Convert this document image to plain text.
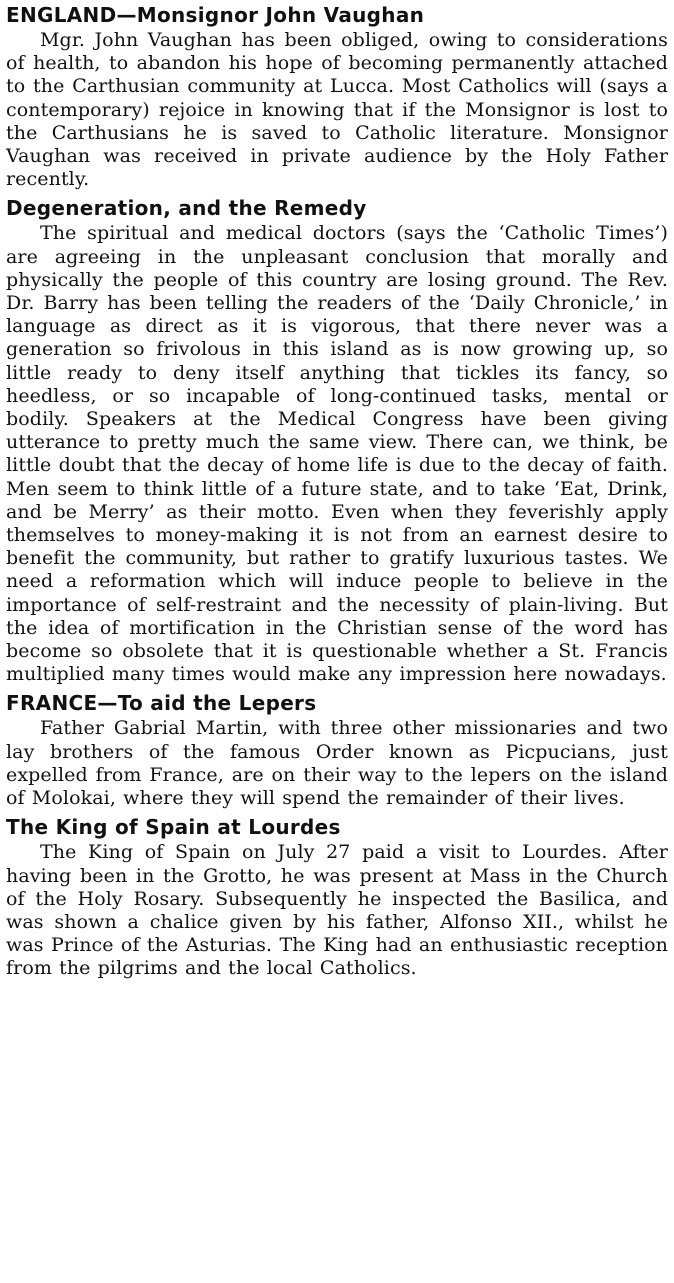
ENGLAND—Monsignor John Vaughan

Mgr. John Vaughan has been obliged, owing to considerations of health, to abandon his hope of becoming permanently attached to the Carthusian community at Lucca. Most Catholics will (says a contemporary) rejoice in knowing that if the Monsignor is lost to the Carthusians he is saved to Catholic literature. Monsignor Vaughan was received in private audience by the Holy Father recently.

Degeneration, and the Remedy

The spiritual and medical doctors (says the ‘Catholic Times’) are agreeing in the unpleasant conclusion that morally and physically the people of this country are losing ground. The Rev. Dr. Barry has been telling the readers of the ‘Daily Chronicle,’ in language as direct as it is vigorous, that there never was a generation so frivolous in this island as is now growing up, so little ready to deny itself anything that tickles its fancy, so heedless, or so incapable of long-continued tasks, mental or bodily. Speakers at the Medical Congress have been giving utterance to pretty much the same view. There can, we think, be little doubt that the decay of home life is due to the decay of faith. Men seem to think little of a future state, and to take ‘Eat, Drink, and be Merry’ as their motto. Even when they feverishly apply themselves to money-making it is not from an earnest desire to benefit the community, but rather to gratify luxurious tastes. We need a reformation which will induce people to believe in the importance of self-restraint and the necessity of plain-living. But the idea of mortification in the Christian sense of the word has become so obsolete that it is questionable whether a St. Francis multiplied many times would make any impression here nowadays.

FRANCE—To aid the Lepers

Father Gabrial Martin, with three other missionaries and two lay brothers of the famous Order known as Picpucians, just expelled from France, are on their way to the lepers on the island of Molokai, where they will spend the remainder of their lives.

The King of Spain at Lourdes

The King of Spain on July 27 paid a visit to Lourdes. After having been in the Grotto, he was present at Mass in the Church of the Holy Rosary. Subsequently he inspected the Basilica, and was shown a chalice given by his father, Alfonso XII., whilst he was Prince of the Asturias. The King had an enthusiastic reception from the pilgrims and the local Catholics.
